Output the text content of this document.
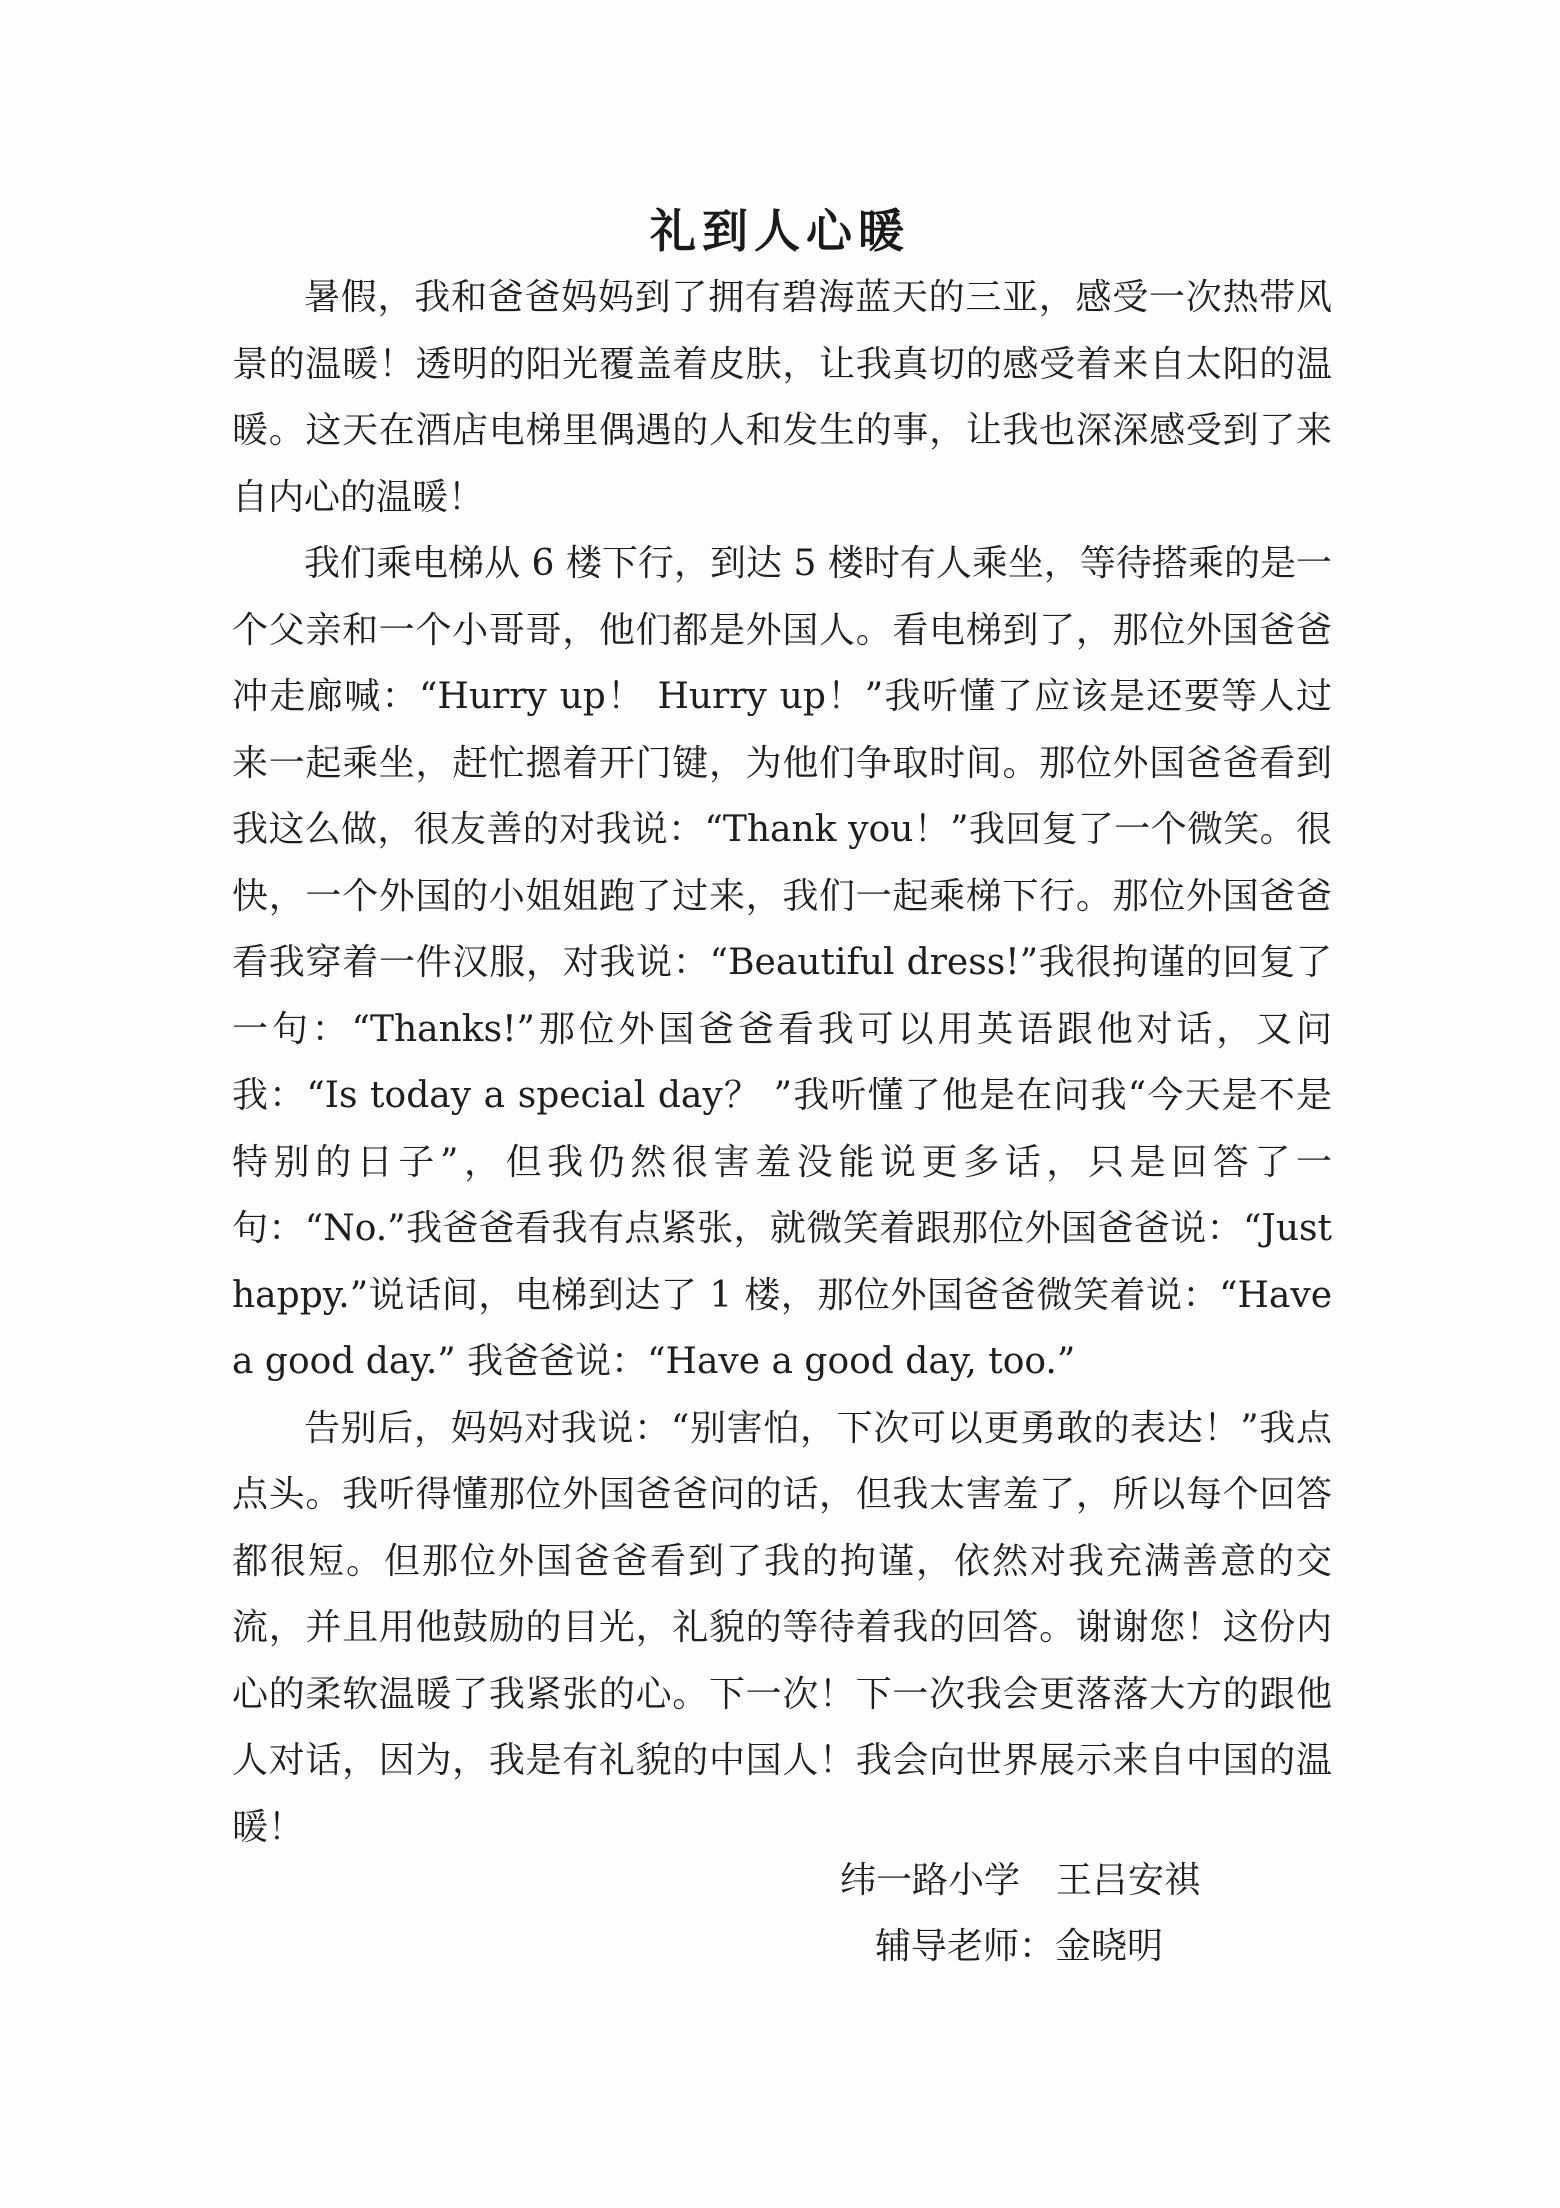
礼到人心暖

暑假，我和爸爸妈妈到了拥有碧海蓝天的三亚，感受一次热带风景的温暖！透明的阳光覆盖着皮肤，让我真切的感受着来自太阳的温暖。这天在酒店电梯里偶遇的人和发生的事，让我也深深感受到了来自内心的温暖！

我们乘电梯从 6 楼下行，到达 5 楼时有人乘坐，等待搭乘的是一个父亲和一个小哥哥，他们都是外国人。看电梯到了，那位外国爸爸冲走廊喊：“Hurry up！ Hurry up！”我听懂了应该是还要等人过来一起乘坐，赶忙摁着开门键，为他们争取时间。那位外国爸爸看到我这么做，很友善的对我说：“Thank you！”我回复了一个微笑。很快，一个外国的小姐姐跑了过来，我们一起乘梯下行。那位外国爸爸看我穿着一件汉服，对我说：“Beautiful dress!”我很拘谨的回复了一句：“Thanks!”那位外国爸爸看我可以用英语跟他对话，又问我：“Is today a special day？ ”我听懂了他是在问我“今天是不是特别的日子”，但我仍然很害羞没能说更多话，只是回答了一句：“No.”我爸爸看我有点紧张，就微笑着跟那位外国爸爸说：“Just happy.”说话间，电梯到达了 1 楼，那位外国爸爸微笑着说：“Have a good day.” 我爸爸说：“Have a good day, too.”

告别后，妈妈对我说：“别害怕，下次可以更勇敢的表达！”我点点头。我听得懂那位外国爸爸问的话，但我太害羞了，所以每个回答都很短。但那位外国爸爸看到了我的拘谨，依然对我充满善意的交流，并且用他鼓励的目光，礼貌的等待着我的回答。谢谢您！这份内心的柔软温暖了我紧张的心。下一次！下一次我会更落落大方的跟他人对话，因为，我是有礼貌的中国人！我会向世界展示来自中国的温暖！

纬一路小学　王吕安祺
辅导老师：金晓明
